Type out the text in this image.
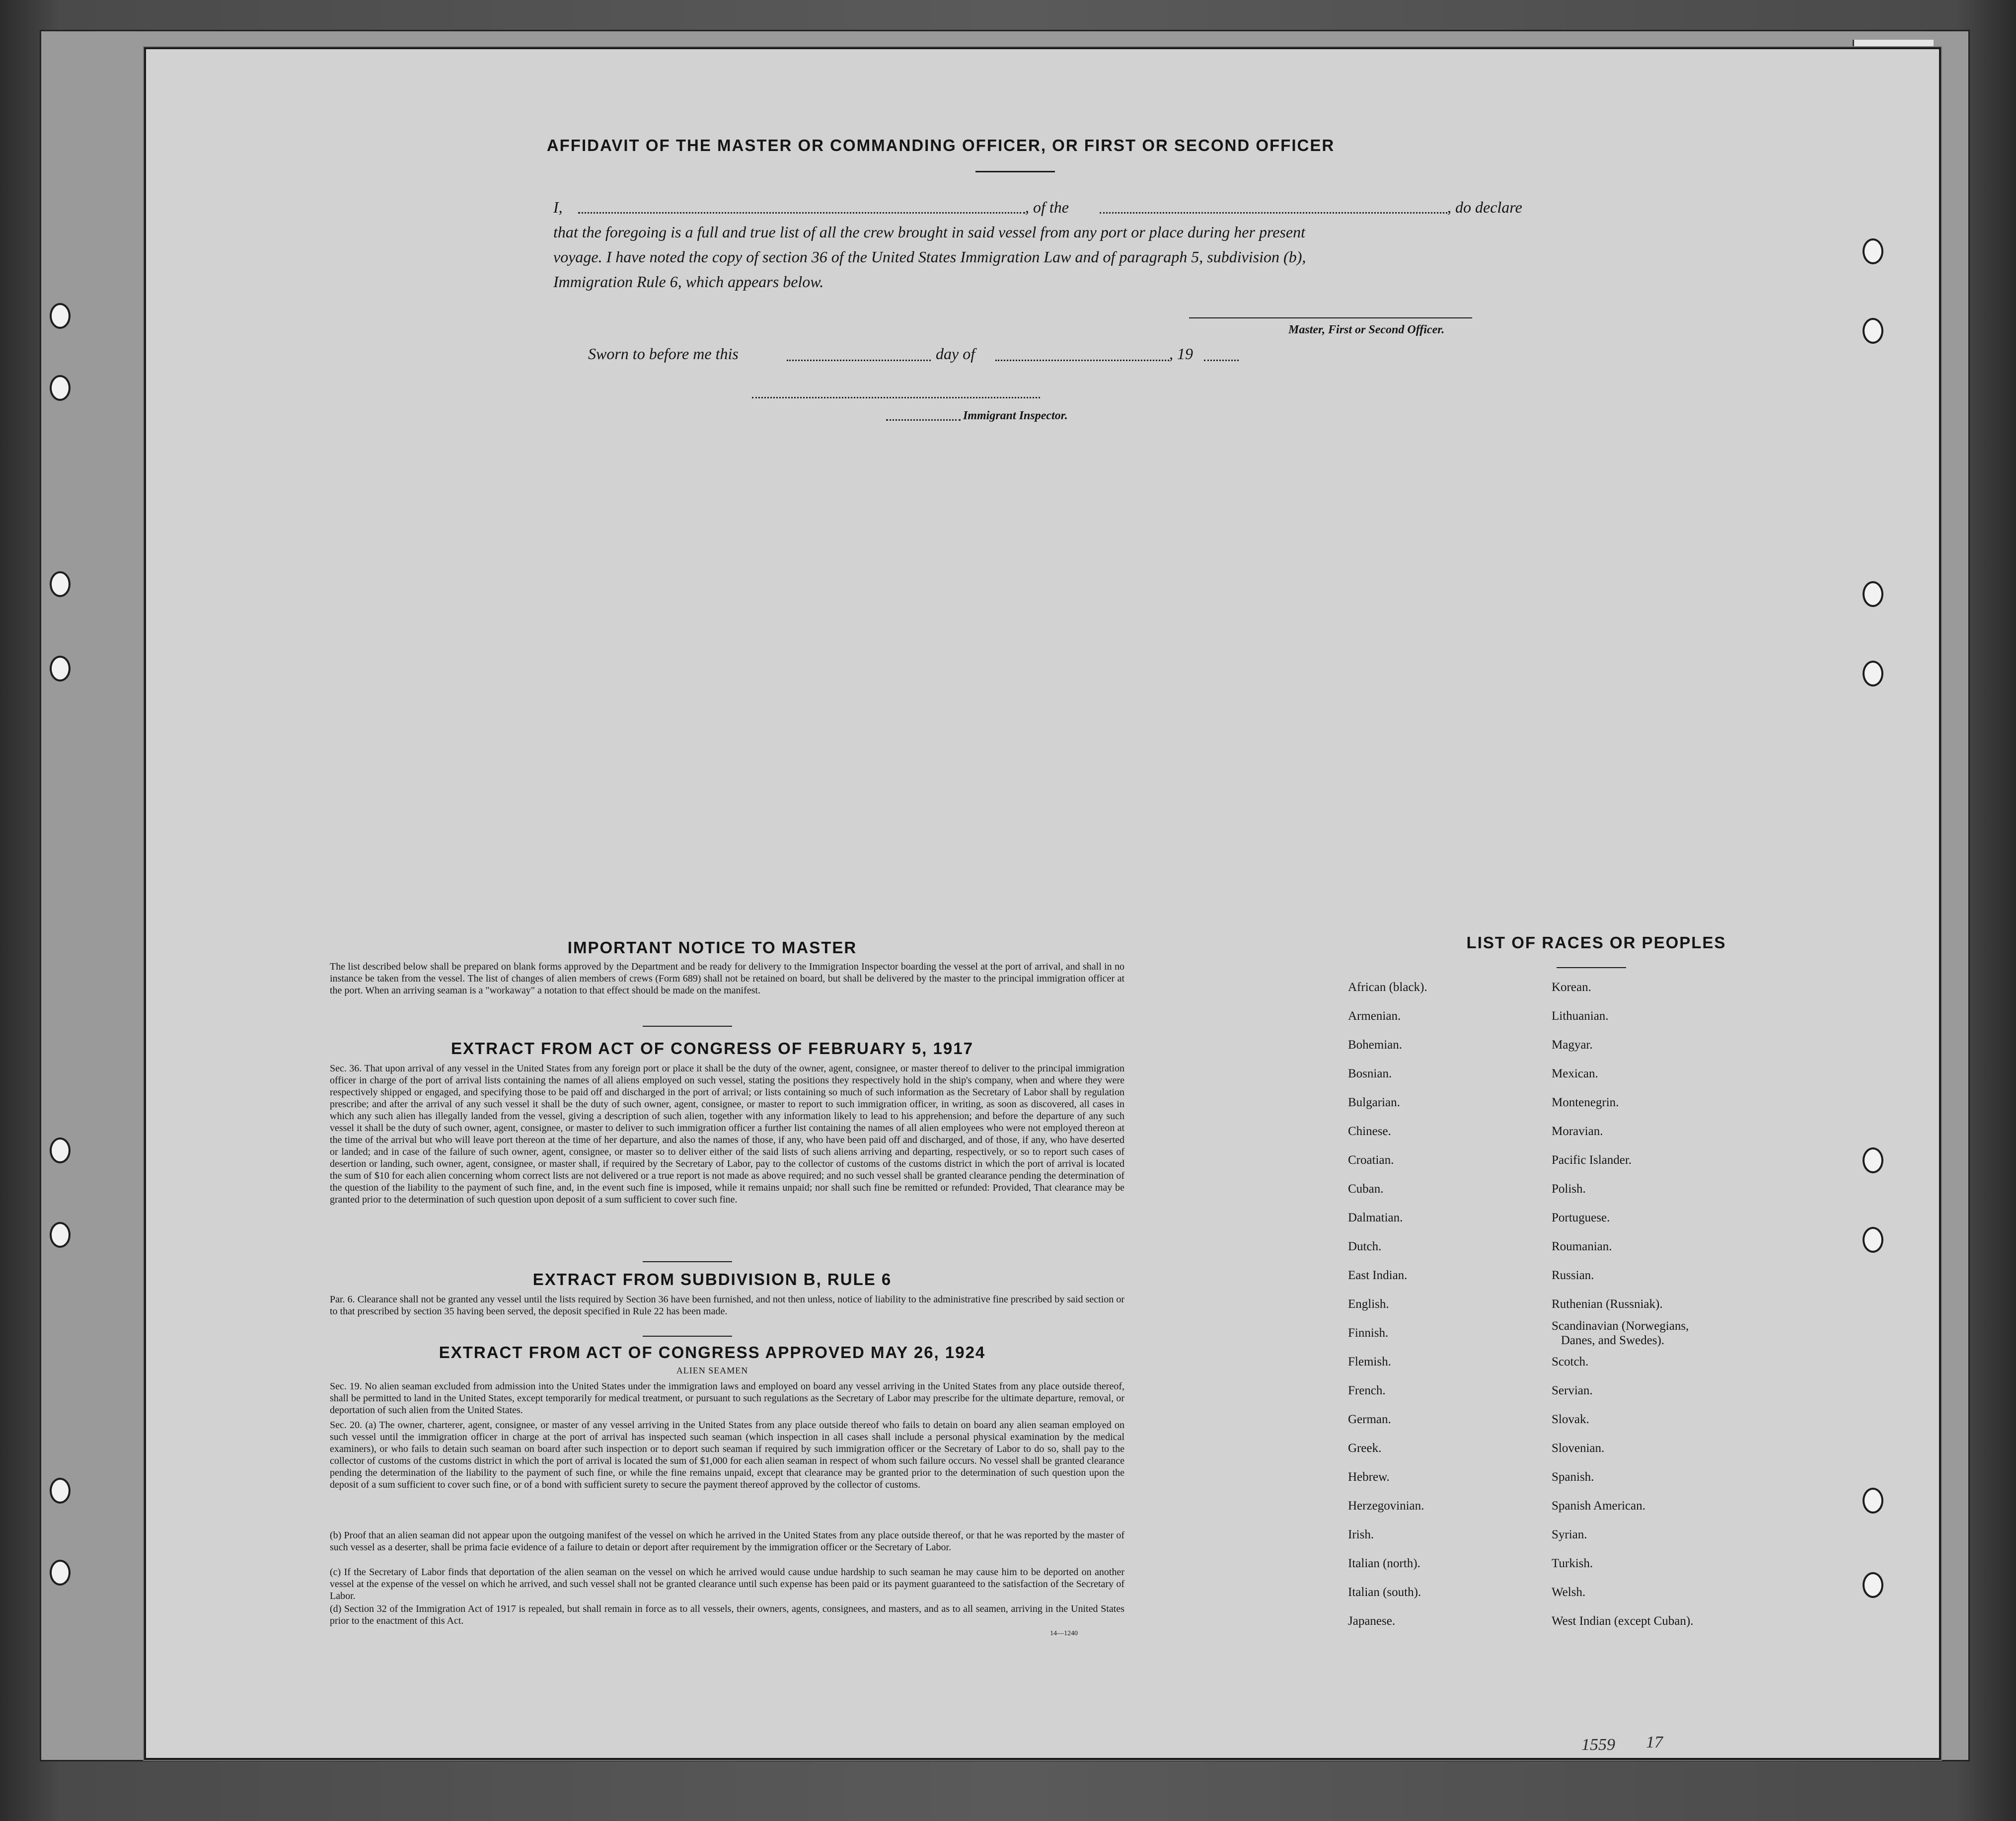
AFFIDAVIT OF THE MASTER OR COMMANDING OFFICER, OR FIRST OR SECOND OFFICER
I,	, of the	, do declare
that the foregoing is a full and true list of all the crew brought in said vessel from any port or place during her present
voyage. I have noted the copy of section 36 of the United States Immigration Law and of paragraph 5, subdivision (b),
Immigration Rule 6, which appears below.
Master, First or Second Officer.
Sworn to before me this	day of	, 19
Immigrant Inspector.
IMPORTANT NOTICE TO MASTER
The list described below shall be prepared on blank forms approved by the Department and be ready for delivery to the Immigration Inspector boarding the vessel at the port of arrival, and shall in no instance be taken from the vessel. The list of changes of alien members of crews (Form 689) shall not be retained on board, but shall be delivered by the master to the principal immigration officer at the port. When an arriving seaman is a "workaway" a notation to that effect should be made on the manifest.
EXTRACT FROM ACT OF CONGRESS OF FEBRUARY 5, 1917
Sec. 36. That upon arrival of any vessel in the United States from any foreign port or place it shall be the duty of the owner, agent, consignee, or master thereof to deliver to the principal immigration officer in charge of the port of arrival lists containing the names of all aliens employed on such vessel, stating the positions they respectively hold in the ship's company, when and where they were respectively shipped or engaged, and specifying those to be paid off and discharged in the port of arrival; or lists containing so much of such information as the Secretary of Labor shall by regulation prescribe; and after the arrival of any such vessel it shall be the duty of such owner, agent, consignee, or master to report to such immigration officer, in writing, as soon as discovered, all cases in which any such alien has illegally landed from the vessel, giving a description of such alien, together with any information likely to lead to his apprehension; and before the departure of any such vessel it shall be the duty of such owner, agent, consignee, or master to deliver to such immigration officer a further list containing the names of all alien employees who were not employed thereon at the time of the arrival but who will leave port thereon at the time of her departure, and also the names of those, if any, who have been paid off and discharged, and of those, if any, who have deserted or landed; and in case of the failure of such owner, agent, consignee, or master so to deliver either of the said lists of such aliens arriving and departing, respectively, or so to report such cases of desertion or landing, such owner, agent, consignee, or master shall, if required by the Secretary of Labor, pay to the collector of customs of the customs district in which the port of arrival is located the sum of $10 for each alien concerning whom correct lists are not delivered or a true report is not made as above required; and no such vessel shall be granted clearance pending the determination of the question of the liability to the payment of such fine, and, in the event such fine is imposed, while it remains unpaid; nor shall such fine be remitted or refunded: Provided, That clearance may be granted prior to the determination of such question upon deposit of a sum sufficient to cover such fine.
EXTRACT FROM SUBDIVISION B, RULE 6
Par. 6. Clearance shall not be granted any vessel until the lists required by Section 36 have been furnished, and not then unless, notice of liability to the administrative fine prescribed by said section or to that prescribed by section 35 having been served, the deposit specified in Rule 22 has been made.
EXTRACT FROM ACT OF CONGRESS APPROVED MAY 26, 1924
ALIEN SEAMEN
Sec. 19. No alien seaman excluded from admission into the United States under the immigration laws and employed on board any vessel arriving in the United States from any place outside thereof, shall be permitted to land in the United States, except temporarily for medical treatment, or pursuant to such regulations as the Secretary of Labor may prescribe for the ultimate departure, removal, or deportation of such alien from the United States.
Sec. 20. (a) The owner, charterer, agent, consignee, or master of any vessel arriving in the United States from any place outside thereof who fails to detain on board any alien seaman employed on such vessel until the immigration officer in charge at the port of arrival has inspected such seaman (which inspection in all cases shall include a personal physical examination by the medical examiners), or who fails to detain such seaman on board after such inspection or to deport such seaman if required by such immigration officer or the Secretary of Labor to do so, shall pay to the collector of customs of the customs district in which the port of arrival is located the sum of $1,000 for each alien seaman in respect of whom such failure occurs. No vessel shall be granted clearance pending the determination of the liability to the payment of such fine, or while the fine remains unpaid, except that clearance may be granted prior to the determination of such question upon the deposit of a sum sufficient to cover such fine, or of a bond with sufficient surety to secure the payment thereof approved by the collector of customs.
(b) Proof that an alien seaman did not appear upon the outgoing manifest of the vessel on which he arrived in the United States from any place outside thereof, or that he was reported by the master of such vessel as a deserter, shall be prima facie evidence of a failure to detain or deport after requirement by the immigration officer or the Secretary of Labor.
(c) If the Secretary of Labor finds that deportation of the alien seaman on the vessel on which he arrived would cause undue hardship to such seaman he may cause him to be deported on another vessel at the expense of the vessel on which he arrived, and such vessel shall not be granted clearance until such expense has been paid or its payment guaranteed to the satisfaction of the Secretary of Labor.
(d) Section 32 of the Immigration Act of 1917 is repealed, but shall remain in force as to all vessels, their owners, agents, consignees, and masters, and as to all seamen, arriving in the United States prior to the enactment of this Act.
14—1240
LIST OF RACES OR PEOPLES
African (black).
Armenian.
Bohemian.
Bosnian.
Bulgarian.
Chinese.
Croatian.
Cuban.
Dalmatian.
Dutch.
East Indian.
English.
Finnish.
Flemish.
French.
German.
Greek.
Hebrew.
Herzegovinian.
Irish.
Italian (north).
Italian (south).
Japanese.
Korean.
Lithuanian.
Magyar.
Mexican.
Montenegrin.
Moravian.
Pacific Islander.
Polish.
Portuguese.
Roumanian.
Russian.
Ruthenian (Russniak).
Scandinavian (Norwegians,
Danes, and Swedes).
Scotch.
Servian.
Slovak.
Slovenian.
Spanish.
Spanish American.
Syrian.
Turkish.
Welsh.
West Indian (except Cuban).
1559 17
